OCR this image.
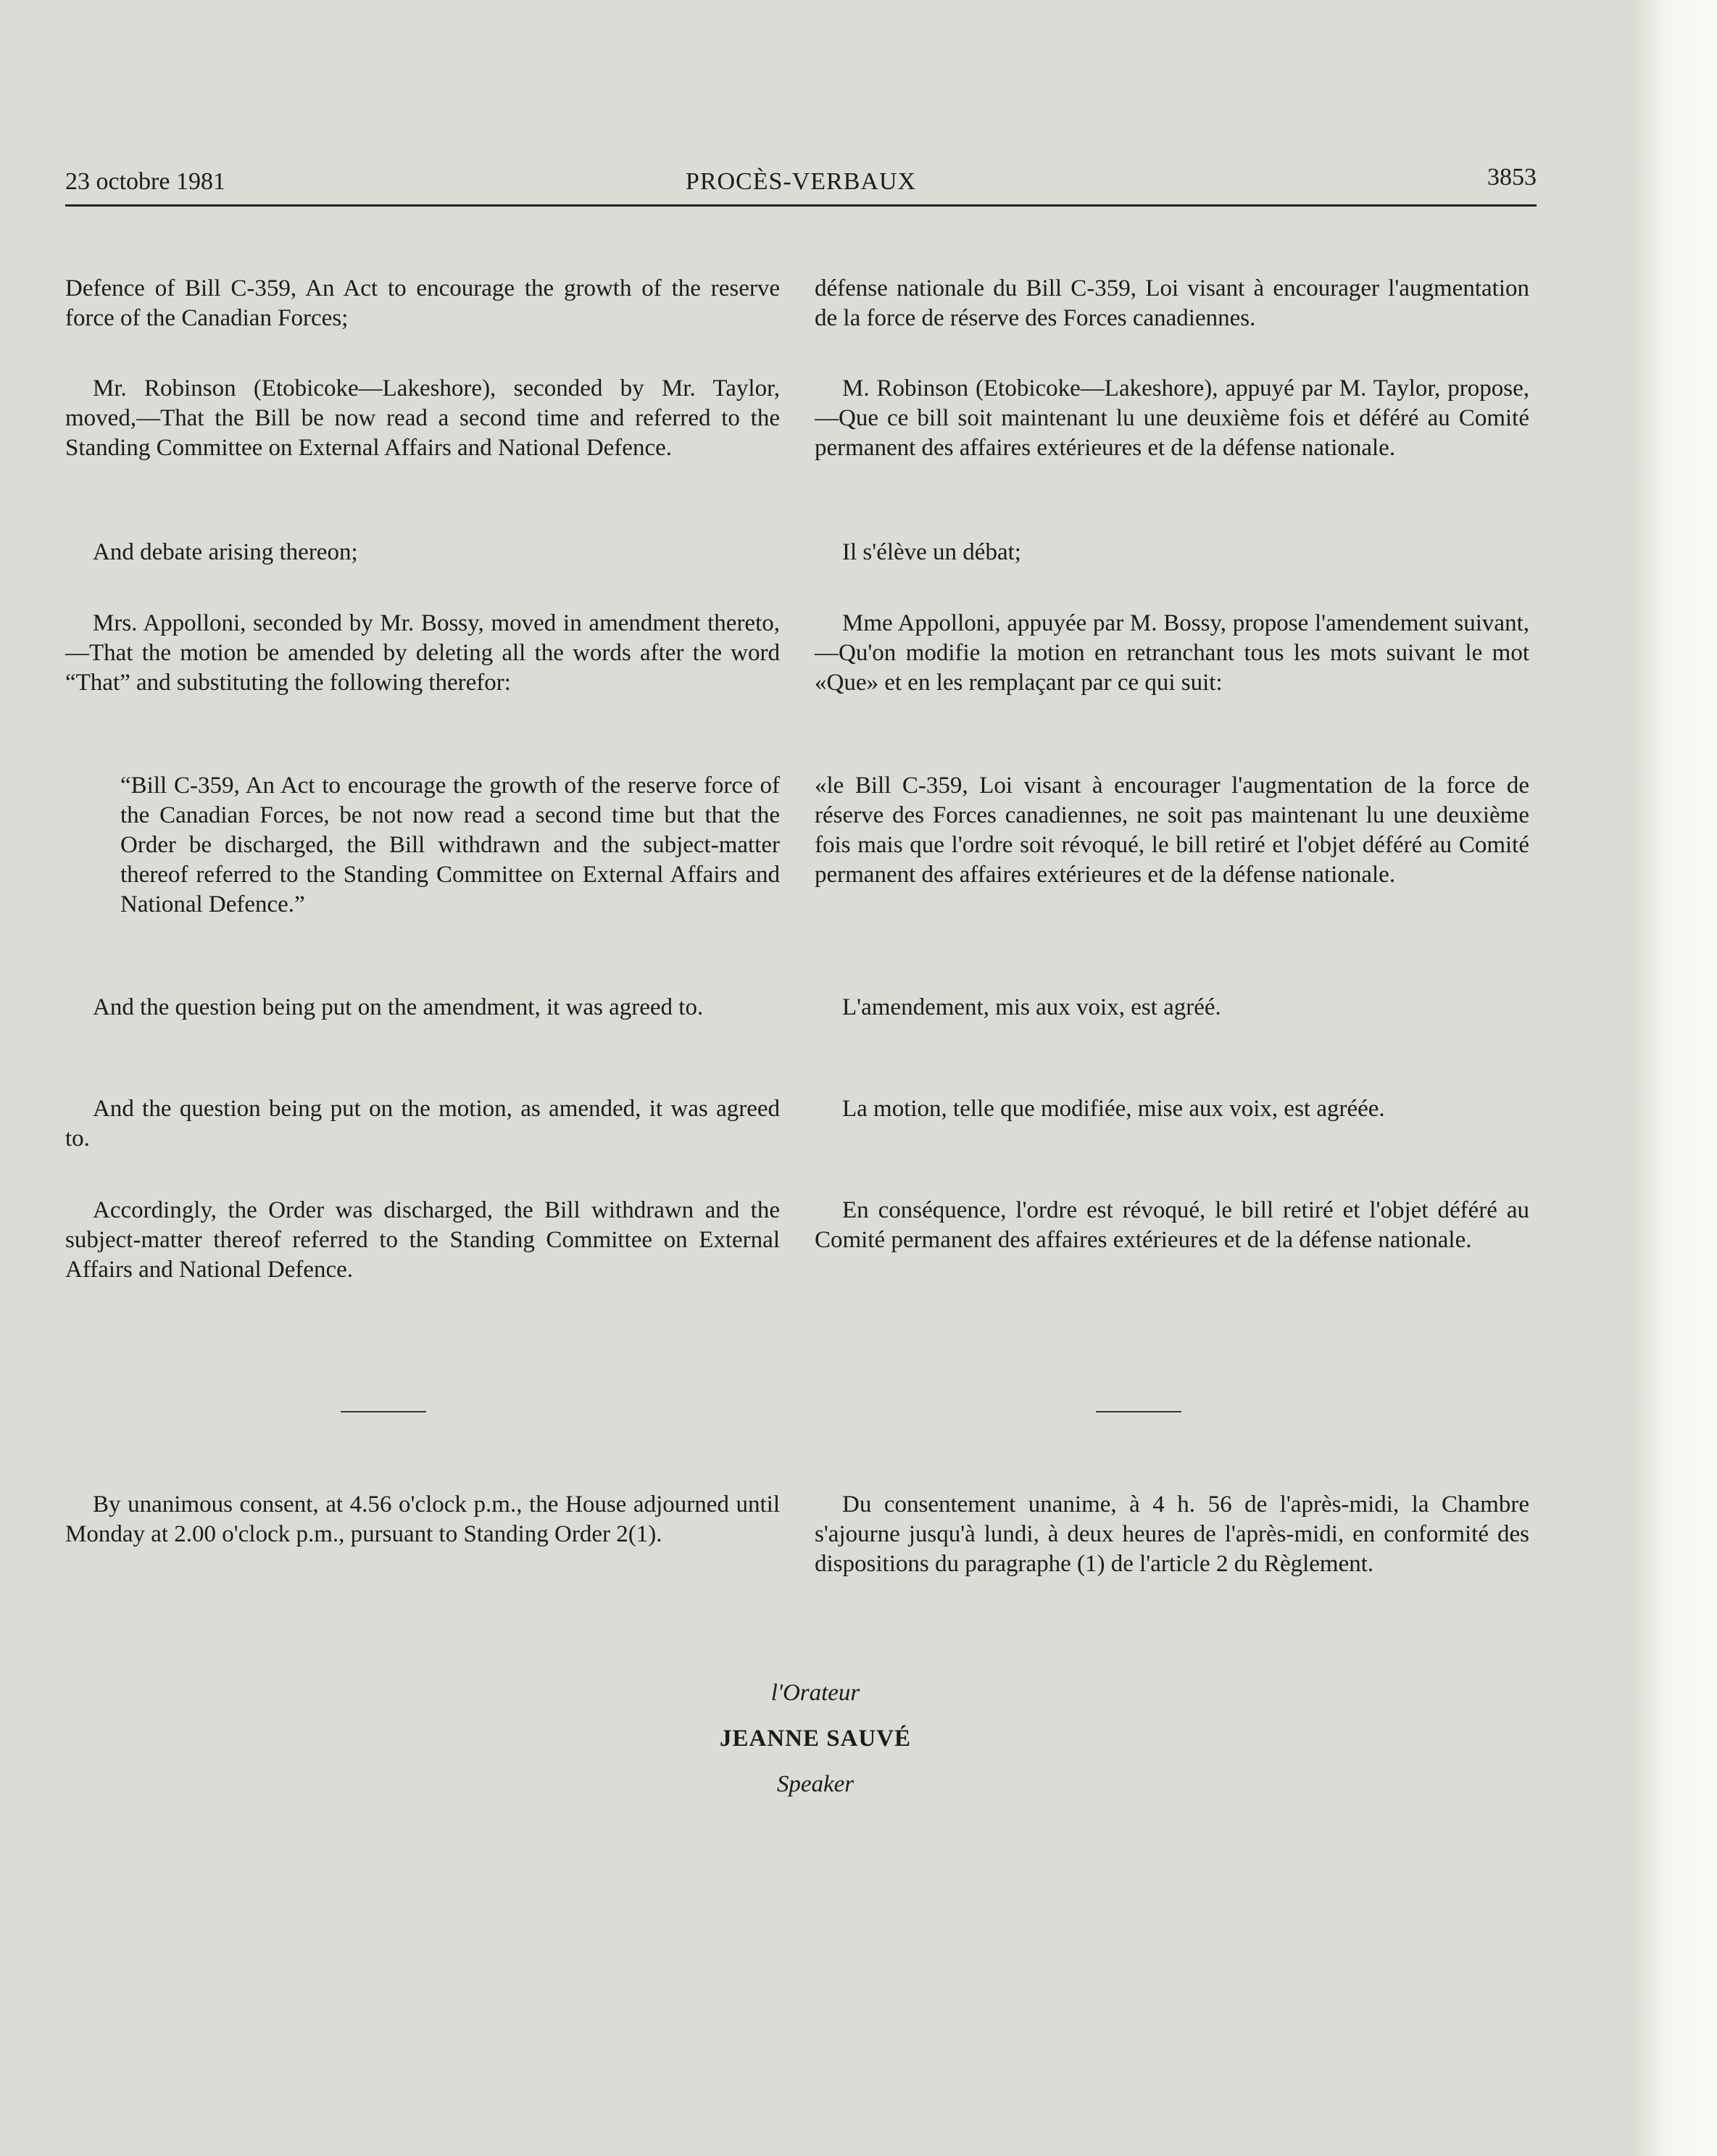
23 octobre 1981	PROCÈS-VERBAUX	3853

Defence of Bill C-359, An Act to encourage the growth of the reserve force of the Canadian Forces;

Mr. Robinson (Etobicoke—Lakeshore), seconded by Mr. Taylor, moved,—That the Bill be now read a second time and referred to the Standing Committee on External Affairs and National Defence.

And debate arising thereon;

Mrs. Appolloni, seconded by Mr. Bossy, moved in amendment thereto,—That the motion be amended by deleting all the words after the word “That” and substituting the following therefor:

“Bill C-359, An Act to encourage the growth of the reserve force of the Canadian Forces, be not now read a second time but that the Order be discharged, the Bill withdrawn and the subject-matter thereof referred to the Standing Committee on External Affairs and National Defence.”

And the question being put on the amendment, it was agreed to.

And the question being put on the motion, as amended, it was agreed to.

Accordingly, the Order was discharged, the Bill withdrawn and the subject-matter thereof referred to the Standing Committee on External Affairs and National Defence.

By unanimous consent, at 4.56 o'clock p.m., the House adjourned until Monday at 2.00 o'clock p.m., pursuant to Standing Order 2(1).

défense nationale du Bill C-359, Loi visant à encourager l'augmentation de la force de réserve des Forces canadiennes.

M. Robinson (Etobicoke—Lakeshore), appuyé par M. Taylor, propose,—Que ce bill soit maintenant lu une deuxième fois et déféré au Comité permanent des affaires extérieures et de la défense nationale.

Il s'élève un débat;

Mme Appolloni, appuyée par M. Bossy, propose l'amendement suivant,—Qu'on modifie la motion en retranchant tous les mots suivant le mot «Que» et en les remplaçant par ce qui suit:

«le Bill C-359, Loi visant à encourager l'augmentation de la force de réserve des Forces canadiennes, ne soit pas maintenant lu une deuxième fois mais que l'ordre soit révoqué, le bill retiré et l'objet déféré au Comité permanent des affaires extérieures et de la défense nationale.

L'amendement, mis aux voix, est agréé.

La motion, telle que modifiée, mise aux voix, est agréée.

En conséquence, l'ordre est révoqué, le bill retiré et l'objet déféré au Comité permanent des affaires extérieures et de la défense nationale.

Du consentement unanime, à 4 h. 56 de l'après-midi, la Chambre s'ajourne jusqu'à lundi, à deux heures de l'après-midi, en conformité des dispositions du paragraphe (1) de l'article 2 du Règlement.

l'Orateur
JEANNE SAUVÉ
Speaker
